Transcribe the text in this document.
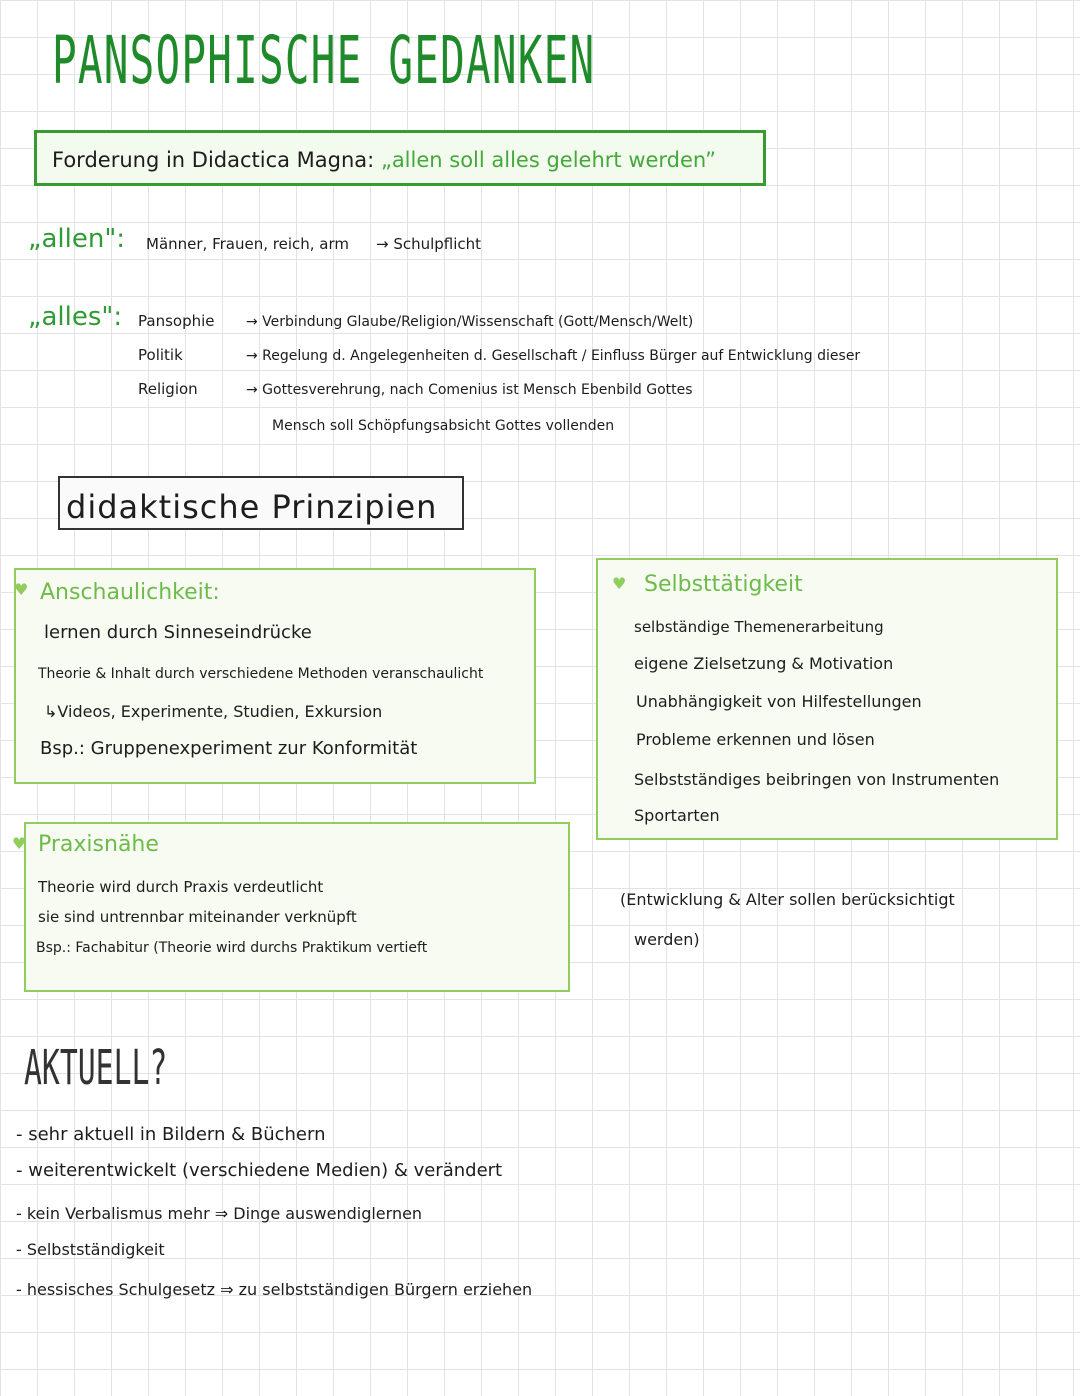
PANSOPHISCHE GEDANKEN
Forderung in Didactica Magna: „allen soll alles gelehrt werden”
„allen": Männer, Frauen, reich, arm → Schulpflicht
„alles": Pansophie → Verbindung Glaube/Religion/Wissenschaft (Gott/Mensch/Welt)
Politik	→ Regelung d. Angelegenheiten d. Gesellschaft / Einfluss Bürger auf Entwicklung dieser
Religion	→ Gottesverehrung, nach Comenius ist Mensch Ebenbild Gottes
Mensch soll Schöpfungsabsicht Gottes vollenden
didaktische Prinzipien
♥ Anschaulichkeit:
lernen durch Sinneseindrücke
Theorie & Inhalt durch verschiedene Methoden veranschaulicht
↳Videos, Experimente, Studien, Exkursion
Bsp.: Gruppenexperiment zur Konformität
♥ Selbsttätigkeit
selbständige Themenerarbeitung
eigene Zielsetzung & Motivation
Unabhängigkeit von Hilfestellungen
Probleme erkennen und lösen
Selbstständiges beibringen von Instrumenten
Sportarten
♥ Praxisnähe
Theorie wird durch Praxis verdeutlicht
sie sind untrennbar miteinander verknüpft
Bsp.: Fachabitur (Theorie wird durchs Praktikum vertieft
(Entwicklung & Alter sollen berücksichtigt
werden)
AKTUELL?
- sehr aktuell in Bildern & Büchern
- weiterentwickelt (verschiedene Medien) & verändert
- kein Verbalismus mehr ⇒ Dinge auswendiglernen
- Selbstständigkeit
- hessisches Schulgesetz ⇒ zu selbstständigen Bürgern erziehen
